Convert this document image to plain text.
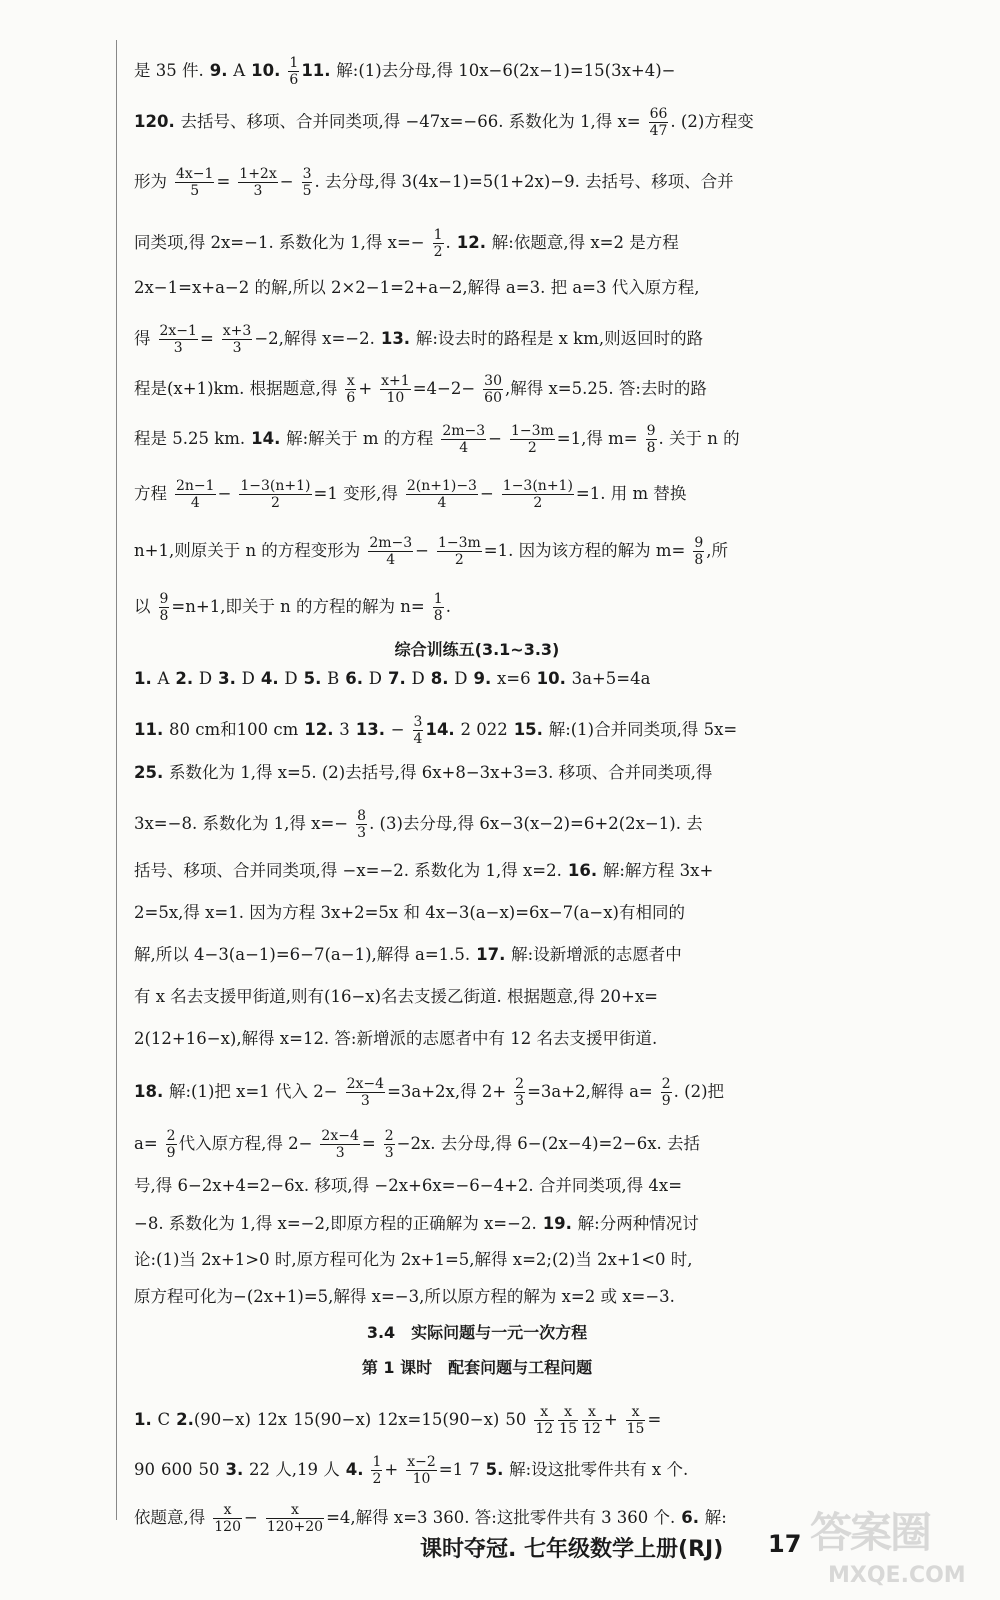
是 35 件. 9. A 10. $\frac{1}{6} 11$. 解:(1)去分母,得 10x−6(2x−1)=15(3x+4)−
120. 去括号、移项、合并同类项,得 −47x=−66. 系数化为 1,得 $x= \frac{66}{47}$ . (2)方程变
形为 $\frac{4x-1}{5} = \frac{1+2x}{3} - \frac{3}{5}$ . 去分母,得 3(4x−1)=5(1+2x)−9. 去括号、移项、合并
同类项,得 2x=−1. 系数化为 1,得 $x=- \frac{1}{2}$ . 12. 解:依题意,得 x=2 是方程
2x−1=x+a−2 的解,所以 2×2−1=2+a−2,解得 a=3. 把 a=3 代入原方程,
得 $\frac{2x-1}{3} = \frac{x+3}{3} -2$,解得 x=−2. 13. 解:设去时的路程是 x km,则返回时的路
程是(x+1)km. 根据题意,得 $\frac{x}{6} + \frac{x+1}{10} =4-2- \frac{30}{60}$ ,解得 x=5.25. 答:去时的路
程是 5.25 km. 14. 解:解关于 m 的方程 $\frac{2m-3}{4} - \frac{1-3m}{2} =1$,得 $m= \frac{9}{8}$ . 关于 n 的
方程 $\frac{2n-1}{4} - \frac{1-3(n+1)}{2} =1$ 变形,得 $\frac{2(n+1)-3}{4} - \frac{1-3(n+1)}{2} =1$. 用 m 替换
n+1,则原关于 n 的方程变形为 $\frac{2m-3}{4} - \frac{1-3m}{2} =1$. 因为该方程的解为 $m= \frac{9}{8}$ ,所
以 $\frac{9}{8} =n+1$,即关于 n 的方程的解为 $n= \frac{1}{8}$ .
综合训练五(3.1~3.3)
1. A 2. D 3. D 4. D 5. B 6. D 7. D 8. D 9. x=6 10. 3a+5=4a
11. 80 cm和100 cm 12. 3 13. − $\frac{3}{4} 14$. 2 022 15. 解:(1)合并同类项,得 5x=
25. 系数化为 1,得 x=5. (2)去括号,得 6x+8−3x+3=3. 移项、合并同类项,得
3x=−8. 系数化为 1,得 $x=- \frac{8}{3}$ . (3)去分母,得 6x−3(x−2)=6+2(2x−1). 去
括号、移项、合并同类项,得 −x=−2. 系数化为 1,得 x=2. 16. 解:解方程 3x+
2=5x,得 x=1. 因为方程 3x+2=5x 和 4x−3(a−x)=6x−7(a−x)有相同的
解,所以 4−3(a−1)=6−7(a−1),解得 a=1.5. 17. 解:设新增派的志愿者中
有 x 名去支援甲街道,则有(16−x)名去支援乙街道. 根据题意,得 20+x=
2(12+16−x),解得 x=12. 答:新增派的志愿者中有 12 名去支援甲街道.
18. 解:(1)把 x=1 代入 $2- \frac{2x-4}{3} =3a+2x$,得 $2+ \frac{2}{3} =3a+2$,解得 $a= \frac{2}{9}$ . (2)把
$a= \frac{2}{9}$ 代入原方程,得 $2- \frac{2x-4}{3} = \frac{2}{3} -2x$. 去分母,得 6−(2x−4)=2−6x. 去括
号,得 6−2x+4=2−6x. 移项,得 −2x+6x=−6−4+2. 合并同类项,得 4x=
−8. 系数化为 1,得 x=−2,即原方程的正确解为 x=−2. 19. 解:分两种情况讨
论:(1)当 2x+1>0 时,原方程可化为 2x+1=5,解得 x=2;(2)当 2x+1<0 时,
原方程可化为−(2x+1)=5,解得 x=−3,所以原方程的解为 x=2 或 x=−3.
3.4　实际问题与一元一次方程
第 1 课时　配套问题与工程问题
1. C 2.(90−x) 12x 15(90−x) 12x=15(90−x) $50 \frac{x}{12} \frac{x}{15} \frac{x}{12} + \frac{x}{15}$ =
90 600 50 3. 22 人,19 人 4. $\frac{1}{2} + \frac{x-2}{10} =1$ 7 5. 解:设这批零件共有 x 个.
依题意,得 $\frac{x}{120} - \frac{x}{120+20} =4$,解得 x=3 360. 答:这批零件共有 3 360 个. 6. 解:
课时夺冠. 七年级数学上册(RJ) 17 答案圈
MXQE.COM
